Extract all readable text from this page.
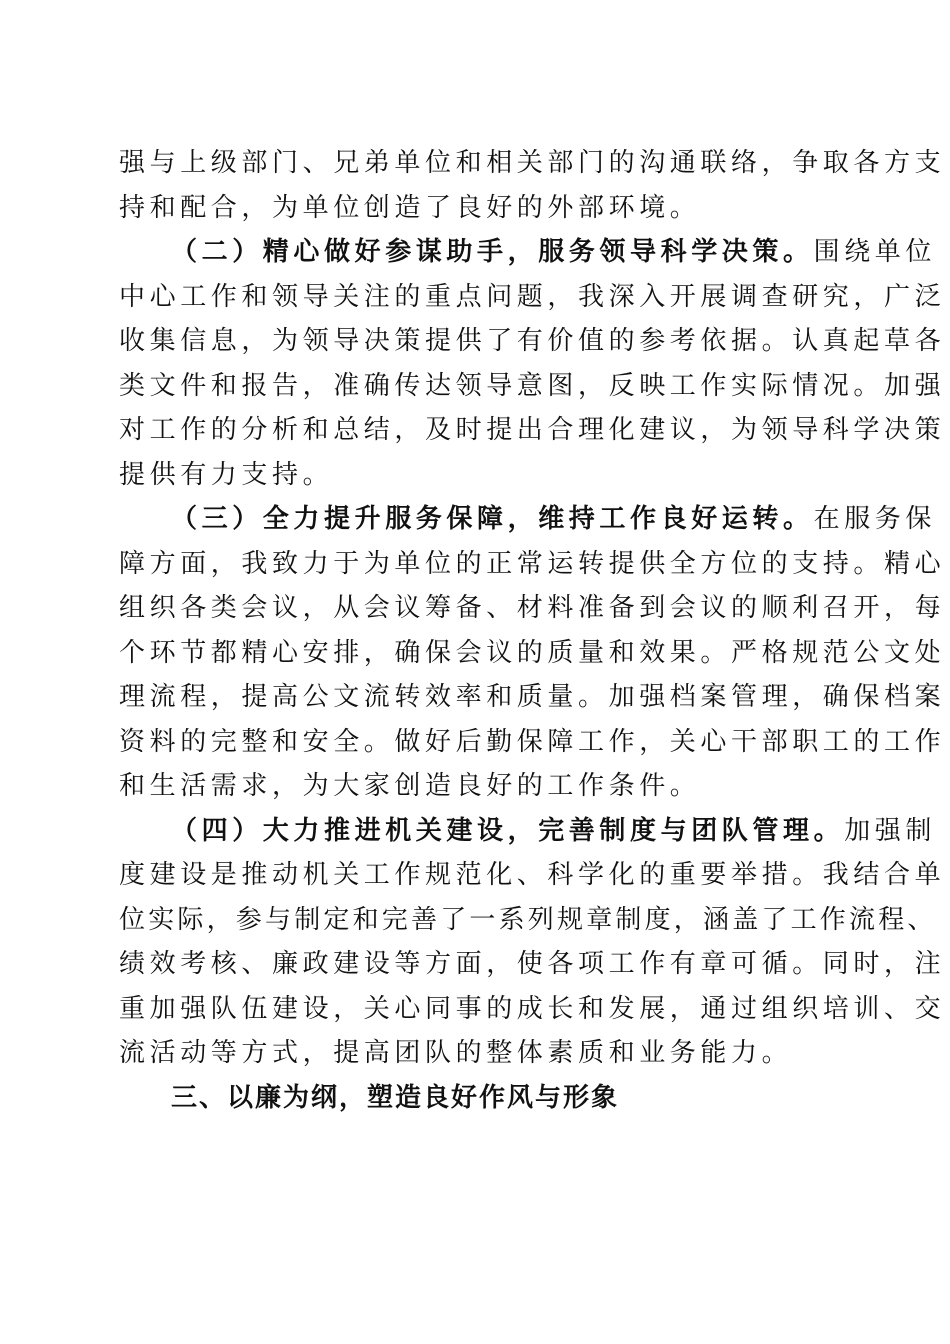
强与上级部门、兄弟单位和相关部门的沟通联络，争取各方支
持和配合，为单位创造了良好的外部环境。
（二）精心做好参谋助手，服务领导科学决策。围绕单位
中心工作和领导关注的重点问题，我深入开展调查研究，广泛
收集信息，为领导决策提供了有价值的参考依据。认真起草各
类文件和报告，准确传达领导意图，反映工作实际情况。加强
对工作的分析和总结，及时提出合理化建议，为领导科学决策
提供有力支持。
（三）全力提升服务保障，维持工作良好运转。在服务保
障方面，我致力于为单位的正常运转提供全方位的支持。精心
组织各类会议，从会议筹备、材料准备到会议的顺利召开，每
个环节都精心安排，确保会议的质量和效果。严格规范公文处
理流程，提高公文流转效率和质量。加强档案管理，确保档案
资料的完整和安全。做好后勤保障工作，关心干部职工的工作
和生活需求，为大家创造良好的工作条件。
（四）大力推进机关建设，完善制度与团队管理。加强制
度建设是推动机关工作规范化、科学化的重要举措。我结合单
位实际，参与制定和完善了一系列规章制度，涵盖了工作流程、
绩效考核、廉政建设等方面，使各项工作有章可循。同时，注
重加强队伍建设，关心同事的成长和发展，通过组织培训、交
流活动等方式，提高团队的整体素质和业务能力。
三、以廉为纲，塑造良好作风与形象
